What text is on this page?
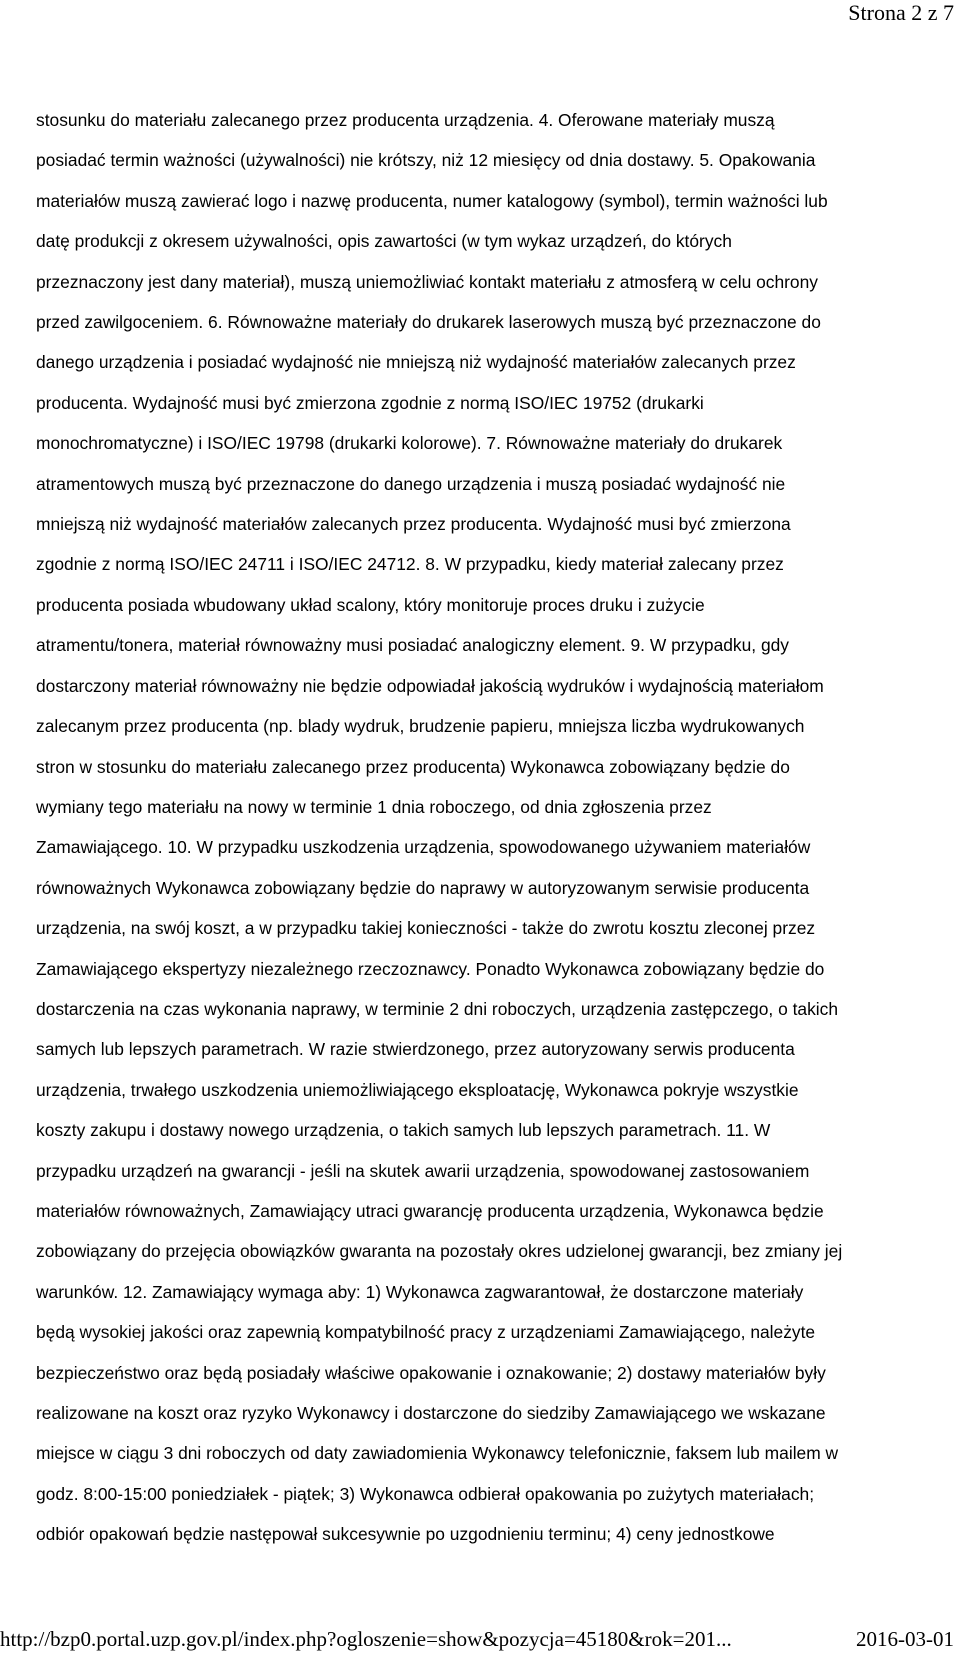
Strona 2 z 7
stosunku do materiału zalecanego przez producenta urządzenia. 4. Oferowane materiały muszą
posiadać termin ważności (używalności) nie krótszy, niż 12 miesięcy od dnia dostawy. 5. Opakowania
materiałów muszą zawierać logo i nazwę producenta, numer katalogowy (symbol), termin ważności lub
datę produkcji z okresem używalności, opis zawartości (w tym wykaz urządzeń, do których
przeznaczony jest dany materiał), muszą uniemożliwiać kontakt materiału z atmosferą w celu ochrony
przed zawilgoceniem. 6. Równoważne materiały do drukarek laserowych muszą być przeznaczone do
danego urządzenia i posiadać wydajność nie mniejszą niż wydajność materiałów zalecanych przez
producenta. Wydajność musi być zmierzona zgodnie z normą ISO/IEC 19752 (drukarki
monochromatyczne) i ISO/IEC 19798 (drukarki kolorowe). 7. Równoważne materiały do drukarek
atramentowych muszą być przeznaczone do danego urządzenia i muszą posiadać wydajność nie
mniejszą niż wydajność materiałów zalecanych przez producenta. Wydajność musi być zmierzona
zgodnie z normą ISO/IEC 24711 i ISO/IEC 24712. 8. W przypadku, kiedy materiał zalecany przez
producenta posiada wbudowany układ scalony, który monitoruje proces druku i zużycie
atramentu/tonera, materiał równoważny musi posiadać analogiczny element. 9. W przypadku, gdy
dostarczony materiał równoważny nie będzie odpowiadał jakością wydruków i wydajnością materiałom
zalecanym przez producenta (np. blady wydruk, brudzenie papieru, mniejsza liczba wydrukowanych
stron w stosunku do materiału zalecanego przez producenta) Wykonawca zobowiązany będzie do
wymiany tego materiału na nowy w terminie 1 dnia roboczego, od dnia zgłoszenia przez
Zamawiającego. 10. W przypadku uszkodzenia urządzenia, spowodowanego używaniem materiałów
równoważnych Wykonawca zobowiązany będzie do naprawy w autoryzowanym serwisie producenta
urządzenia, na swój koszt, a w przypadku takiej konieczności - także do zwrotu kosztu zleconej przez
Zamawiającego ekspertyzy niezależnego rzeczoznawcy. Ponadto Wykonawca zobowiązany będzie do
dostarczenia na czas wykonania naprawy, w terminie 2 dni roboczych, urządzenia zastępczego, o takich
samych lub lepszych parametrach. W razie stwierdzonego, przez autoryzowany serwis producenta
urządzenia, trwałego uszkodzenia uniemożliwiającego eksploatację, Wykonawca pokryje wszystkie
koszty zakupu i dostawy nowego urządzenia, o takich samych lub lepszych parametrach. 11. W
przypadku urządzeń na gwarancji - jeśli na skutek awarii urządzenia, spowodowanej zastosowaniem
materiałów równoważnych, Zamawiający utraci gwarancję producenta urządzenia, Wykonawca będzie
zobowiązany do przejęcia obowiązków gwaranta na pozostały okres udzielonej gwarancji, bez zmiany jej
warunków. 12. Zamawiający wymaga aby: 1) Wykonawca zagwarantował, że dostarczone materiały
będą wysokiej jakości oraz zapewnią kompatybilność pracy z urządzeniami Zamawiającego, należyte
bezpieczeństwo oraz będą posiadały właściwe opakowanie i oznakowanie; 2) dostawy materiałów były
realizowane na koszt oraz ryzyko Wykonawcy i dostarczone do siedziby Zamawiającego we wskazane
miejsce w ciągu 3 dni roboczych od daty zawiadomienia Wykonawcy telefonicznie, faksem lub mailem w
godz. 8:00-15:00 poniedziałek - piątek; 3) Wykonawca odbierał opakowania po zużytych materiałach;
odbiór opakowań będzie następował sukcesywnie po uzgodnieniu terminu; 4) ceny jednostkowe
http://bzp0.portal.uzp.gov.pl/index.php?ogloszenie=show&pozycja=45180&rok=201...	2016-03-01
